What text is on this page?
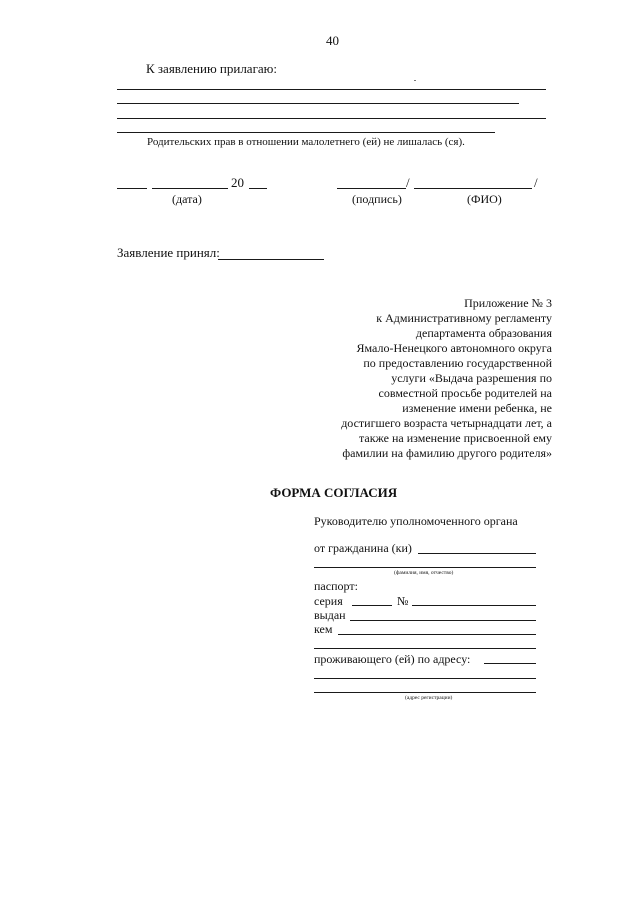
40
К заявлению прилагаю:
Родительских прав в отношении малолетнего (ей) не лишалась (ся).
20
(дата)
/	/
(подпись)	(ФИО)
Заявление принял:
Приложение № 3
к Административному регламенту
департамента образования
Ямало-Ненецкого автономного округа
по предоставлению государственной
услуги «Выдача разрешения по
совместной просьбе родителей на
изменение имени ребенка, не
достигшего возраста четырнадцати лет, а
также на изменение присвоенной ему
фамилии на фамилию другого родителя»
ФОРМА СОГЛАСИЯ
Руководителю уполномоченного органа
от гражданина (ки)
(фамилия, имя, отчество)
паспорт:
серия	№
выдан
кем
проживающего (ей) по адресу:
(адрес регистрации)
